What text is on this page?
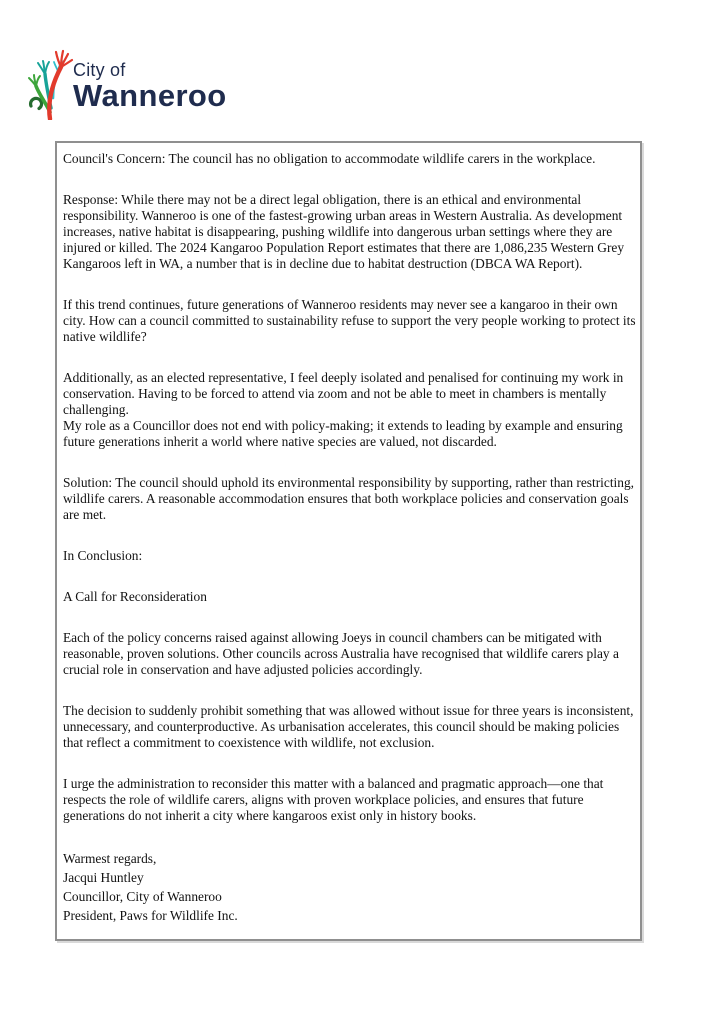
City of
Wanneroo
Council's Concern: The council has no obligation to accommodate wildlife carers in the workplace.
Response: While there may not be a direct legal obligation, there is an ethical and environmental responsibility. Wanneroo is one of the fastest-growing urban areas in Western Australia. As development increases, native habitat is disappearing, pushing wildlife into dangerous urban settings where they are injured or killed. The 2024 Kangaroo Population Report estimates that there are 1,086,235 Western Grey Kangaroos left in WA, a number that is in decline due to habitat destruction (DBCA WA Report).
If this trend continues, future generations of Wanneroo residents may never see a kangaroo in their own city. How can a council committed to sustainability refuse to support the very people working to protect its native wildlife?
Additionally, as an elected representative, I feel deeply isolated and penalised for continuing my work in conservation. Having to be forced to attend via zoom and not be able to meet in chambers is mentally challenging.
My role as a Councillor does not end with policy-making; it extends to leading by example and ensuring future generations inherit a world where native species are valued, not discarded.
Solution: The council should uphold its environmental responsibility by supporting, rather than restricting, wildlife carers. A reasonable accommodation ensures that both workplace policies and conservation goals are met.
In Conclusion:
A Call for Reconsideration
Each of the policy concerns raised against allowing Joeys in council chambers can be mitigated with reasonable, proven solutions. Other councils across Australia have recognised that wildlife carers play a crucial role in conservation and have adjusted policies accordingly.
The decision to suddenly prohibit something that was allowed without issue for three years is inconsistent, unnecessary, and counterproductive. As urbanisation accelerates, this council should be making policies that reflect a commitment to coexistence with wildlife, not exclusion.
I urge the administration to reconsider this matter with a balanced and pragmatic approach—one that respects the role of wildlife carers, aligns with proven workplace policies, and ensures that future generations do not inherit a city where kangaroos exist only in history books.
Warmest regards,
Jacqui Huntley
Councillor, City of Wanneroo
President, Paws for Wildlife Inc.
